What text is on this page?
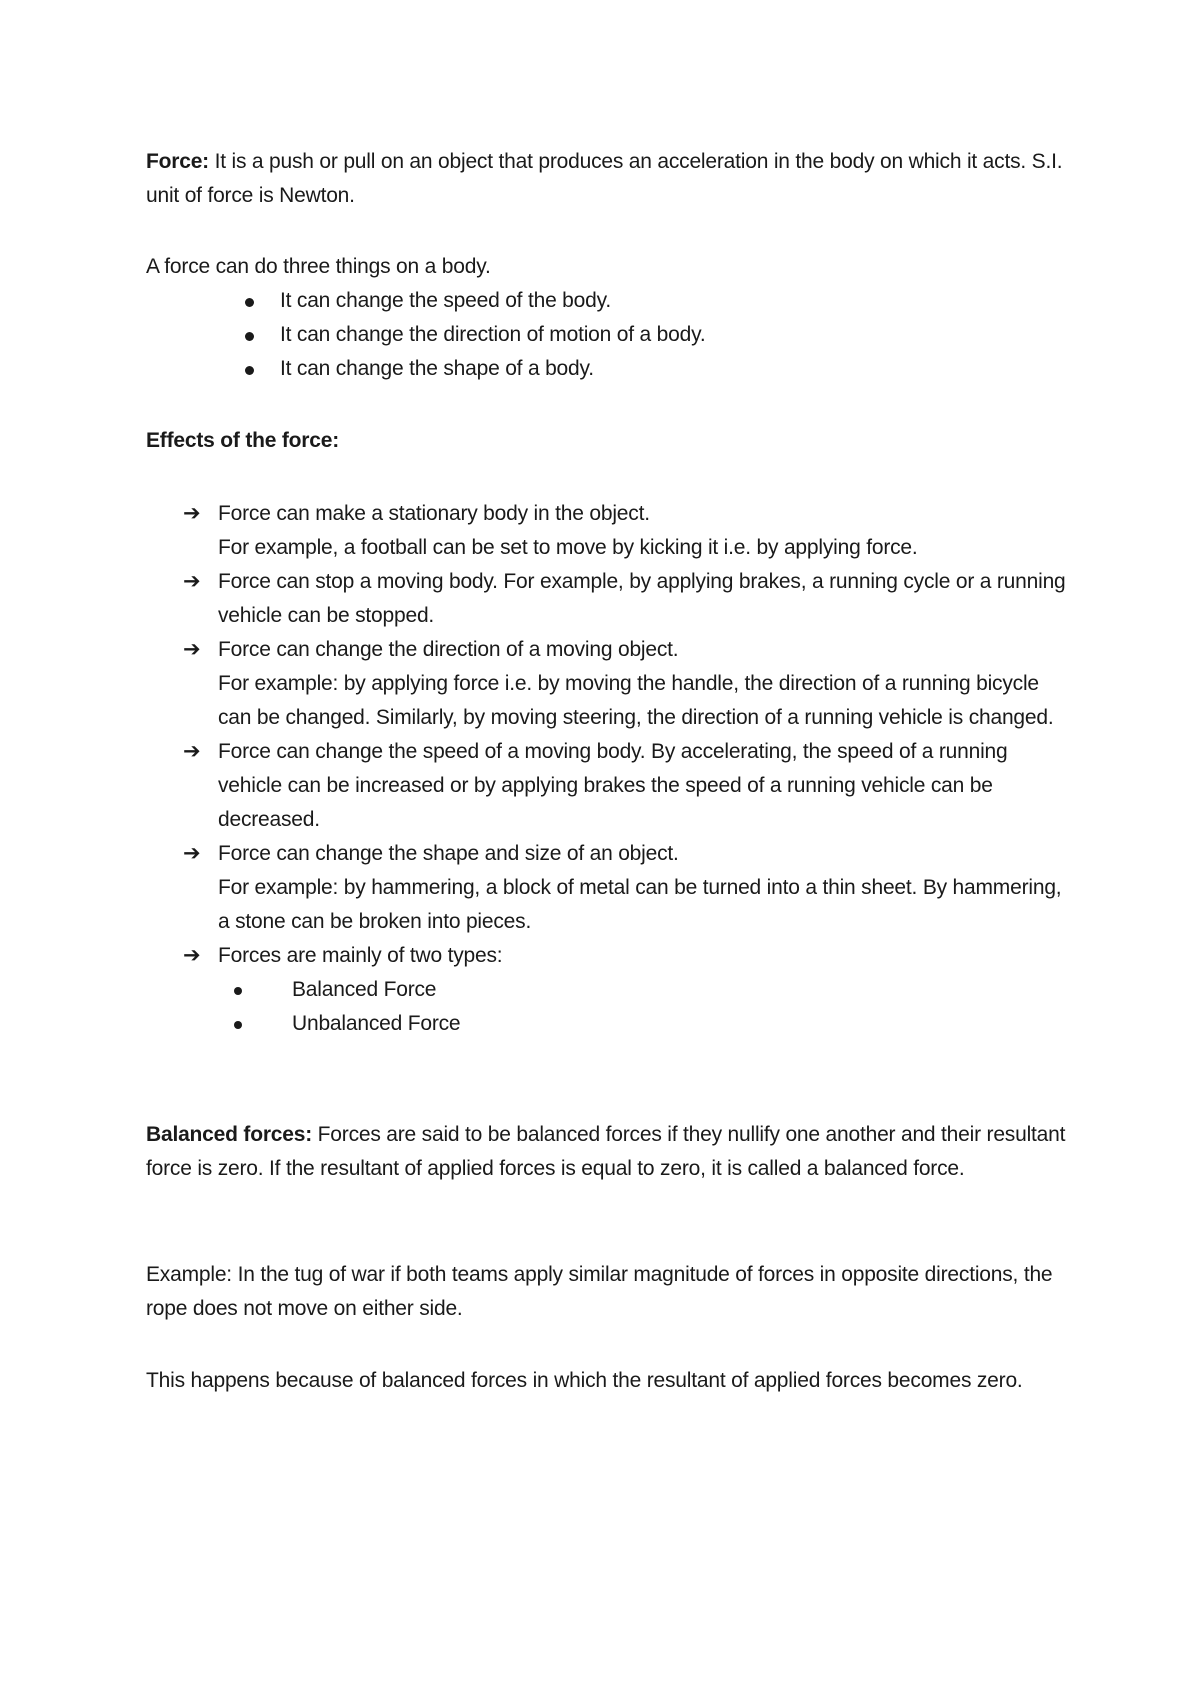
Force: It is a push or pull on an object that produces an acceleration in the body on which it acts. S.I. unit of force is Newton.

A force can do three things on a body.

It can change the speed of the body.
It can change the direction of motion of a body.
It can change the shape of a body.

Effects of the force:

➔ Force can make a stationary body in the object.
For example, a football can be set to move by kicking it i.e. by applying force.
➔ Force can stop a moving body. For example, by applying brakes, a running cycle or a running vehicle can be stopped.
➔ Force can change the direction of a moving object.
For example: by applying force i.e. by moving the handle, the direction of a running bicycle can be changed. Similarly, by moving steering, the direction of a running vehicle is changed.
➔ Force can change the speed of a moving body. By accelerating, the speed of a running vehicle can be increased or by applying brakes the speed of a running vehicle can be decreased.
➔ Force can change the shape and size of an object.
For example: by hammering, a block of metal can be turned into a thin sheet. By hammering, a stone can be broken into pieces.
➔ Forces are mainly of two types:
Balanced Force
Unbalanced Force

Balanced forces: Forces are said to be balanced forces if they nullify one another and their resultant force is zero. If the resultant of applied forces is equal to zero, it is called a balanced force.

Example: In the tug of war if both teams apply similar magnitude of forces in opposite directions, the rope does not move on either side.

This happens because of balanced forces in which the resultant of applied forces becomes zero.
